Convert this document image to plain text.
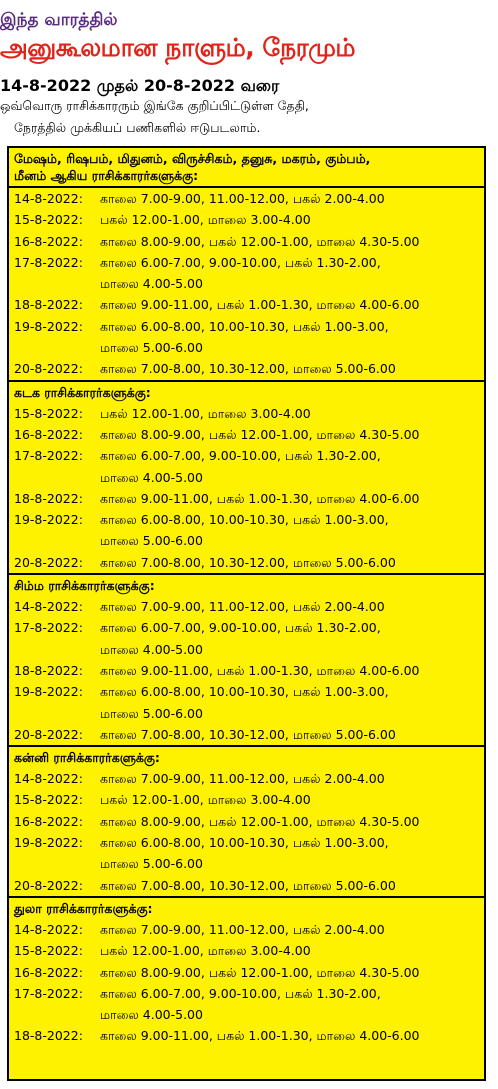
இந்த வாரத்தில்
அனுகூலமான நாளும், நேரமும்
14-8-2022 முதல் 20-8-2022 வரை
ஒவ்வொரு ராசிக்காரரும் இங்கே குறிப்பிட்டுள்ள தேதி,
நேரத்தில் முக்கியப் பணிகளில் ஈடுபடலாம்.
மேஷம், ரிஷபம், மிதுனம், விருச்சிகம், தனுசு, மகரம், கும்பம்,
மீனம் ஆகிய ராசிக்காரர்களுக்கு:
14-8-2022:	காலை 7.00-9.00, 11.00-12.00, பகல் 2.00-4.00
15-8-2022:	பகல் 12.00-1.00, மாலை 3.00-4.00
16-8-2022:	காலை 8.00-9.00, பகல் 12.00-1.00, மாலை 4.30-5.00
17-8-2022:	காலை 6.00-7.00, 9.00-10.00, பகல் 1.30-2.00,
மாலை 4.00-5.00
18-8-2022:	காலை 9.00-11.00, பகல் 1.00-1.30, மாலை 4.00-6.00
19-8-2022:	காலை 6.00-8.00, 10.00-10.30, பகல் 1.00-3.00,
மாலை 5.00-6.00
20-8-2022:	காலை 7.00-8.00, 10.30-12.00, மாலை 5.00-6.00
கடக ராசிக்காரர்களுக்கு:
15-8-2022:	பகல் 12.00-1.00, மாலை 3.00-4.00
16-8-2022:	காலை 8.00-9.00, பகல் 12.00-1.00, மாலை 4.30-5.00
17-8-2022:	காலை 6.00-7.00, 9.00-10.00, பகல் 1.30-2.00,
மாலை 4.00-5.00
18-8-2022:	காலை 9.00-11.00, பகல் 1.00-1.30, மாலை 4.00-6.00
19-8-2022:	காலை 6.00-8.00, 10.00-10.30, பகல் 1.00-3.00,
மாலை 5.00-6.00
20-8-2022:	காலை 7.00-8.00, 10.30-12.00, மாலை 5.00-6.00
சிம்ம ராசிக்காரர்களுக்கு:
14-8-2022:	காலை 7.00-9.00, 11.00-12.00, பகல் 2.00-4.00
17-8-2022:	காலை 6.00-7.00, 9.00-10.00, பகல் 1.30-2.00,
மாலை 4.00-5.00
18-8-2022:	காலை 9.00-11.00, பகல் 1.00-1.30, மாலை 4.00-6.00
19-8-2022:	காலை 6.00-8.00, 10.00-10.30, பகல் 1.00-3.00,
மாலை 5.00-6.00
20-8-2022:	காலை 7.00-8.00, 10.30-12.00, மாலை 5.00-6.00
கன்னி ராசிக்காரர்களுக்கு:
14-8-2022:	காலை 7.00-9.00, 11.00-12.00, பகல் 2.00-4.00
15-8-2022:	பகல் 12.00-1.00, மாலை 3.00-4.00
16-8-2022:	காலை 8.00-9.00, பகல் 12.00-1.00, மாலை 4.30-5.00
19-8-2022:	காலை 6.00-8.00, 10.00-10.30, பகல் 1.00-3.00,
மாலை 5.00-6.00
20-8-2022:	காலை 7.00-8.00, 10.30-12.00, மாலை 5.00-6.00
துலா ராசிக்காரர்களுக்கு:
14-8-2022:	காலை 7.00-9.00, 11.00-12.00, பகல் 2.00-4.00
15-8-2022:	பகல் 12.00-1.00, மாலை 3.00-4.00
16-8-2022:	காலை 8.00-9.00, பகல் 12.00-1.00, மாலை 4.30-5.00
17-8-2022:	காலை 6.00-7.00, 9.00-10.00, பகல் 1.30-2.00,
மாலை 4.00-5.00
18-8-2022:	காலை 9.00-11.00, பகல் 1.00-1.30, மாலை 4.00-6.00
